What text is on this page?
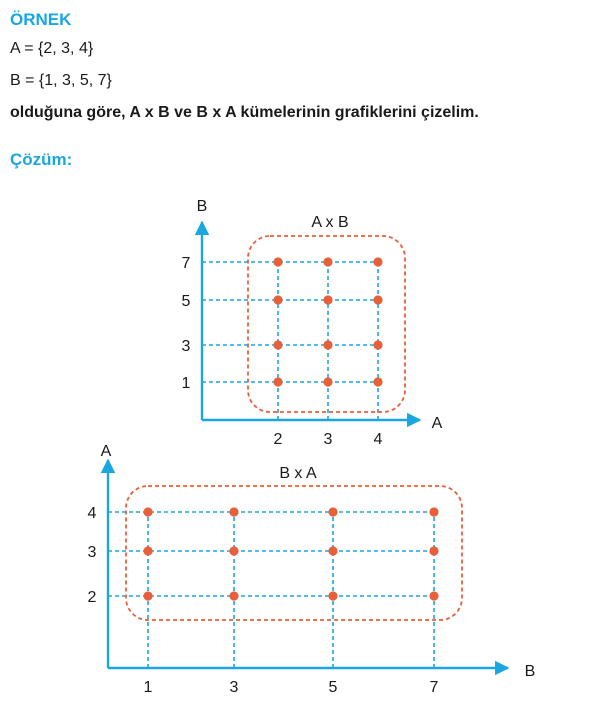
ÖRNEK
A = {2, 3, 4}
B = {1, 3, 5, 7}
olduğuna göre, A x B ve B x A kümelerinin grafiklerini çizelim.
Çözüm:
1
3
5
7
2	3	4
A x B
A
B
2
3
4
1	3	5	7
B x A
B
A
